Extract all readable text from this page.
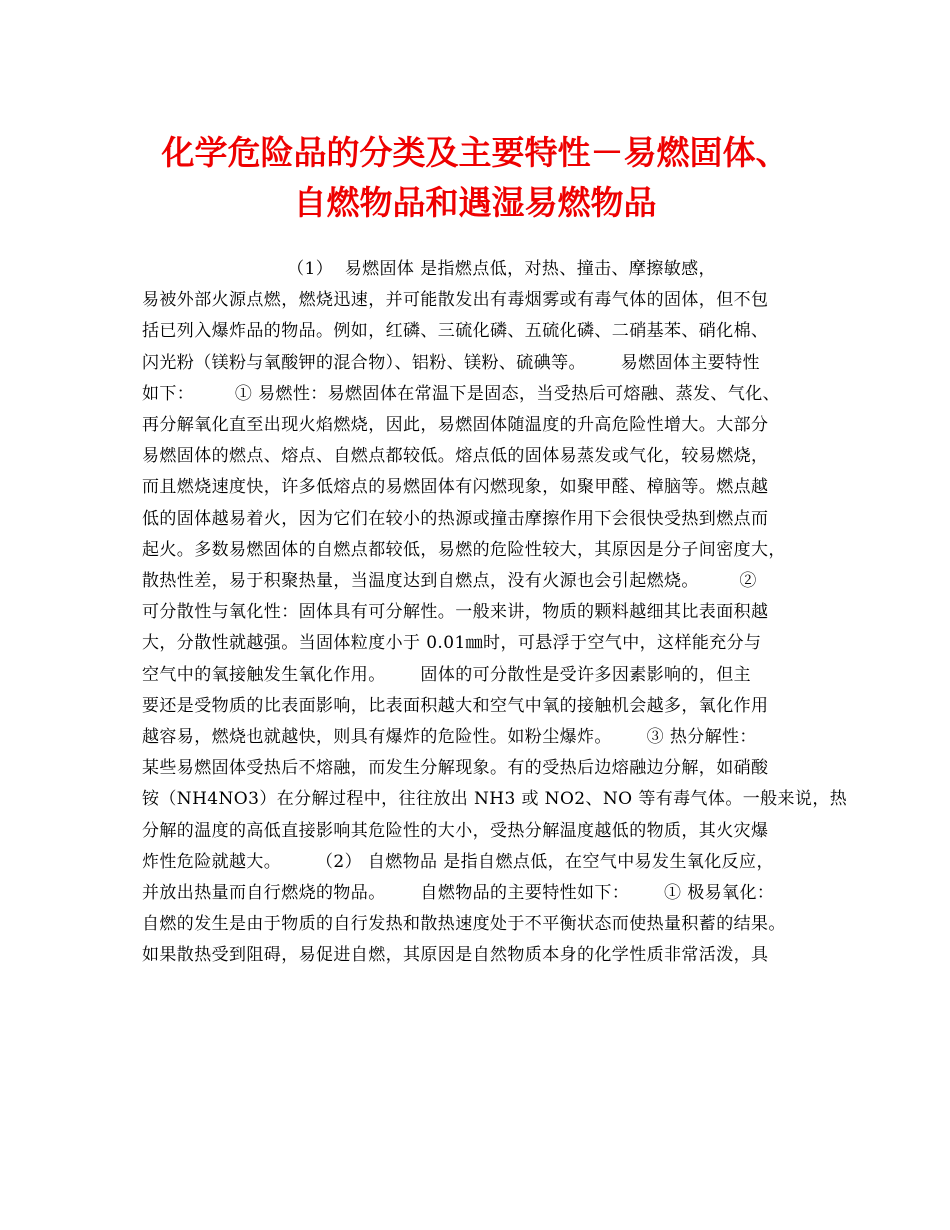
化学危险品的分类及主要特性－易燃固体、
自燃物品和遇湿易燃物品
（1）  易燃固体 是指燃点低，对热、撞击、摩擦敏感，
易被外部火源点燃，燃烧迅速，并可能散发出有毒烟雾或有毒气体的固体，但不包
括已列入爆炸品的物品。例如，红磷、三硫化磷、五硫化磷、二硝基苯、硝化棉、
闪光粉（镁粉与氧酸钾的混合物）、铝粉、镁粉、硫碘等。      易燃固体主要特性
如下：       ① 易燃性：易燃固体在常温下是固态，当受热后可熔融、蒸发、气化、
再分解氧化直至出现火焰燃烧，因此，易燃固体随温度的升高危险性增大。大部分
易燃固体的燃点、熔点、自燃点都较低。熔点低的固体易蒸发或气化，较易燃烧，
而且燃烧速度快，许多低熔点的易燃固体有闪燃现象，如聚甲醛、樟脑等。燃点越
低的固体越易着火，因为它们在较小的热源或撞击摩擦作用下会很快受热到燃点而
起火。多数易燃固体的自燃点都较低，易燃的危险性较大，其原因是分子间密度大，
散热性差，易于积聚热量，当温度达到自燃点，没有火源也会引起燃烧。       ②
可分散性与氧化性：固体具有可分解性。一般来讲，物质的颗料越细其比表面积越
大，分散性就越强。当固体粒度小于 0.01㎜时，可悬浮于空气中，这样能充分与
空气中的氧接触发生氧化作用。      固体的可分散性是受许多因素影响的，但主
要还是受物质的比表面影响，比表面积越大和空气中氧的接触机会越多，氧化作用
越容易，燃烧也就越快，则具有爆炸的危险性。如粉尘爆炸。      ③ 热分解性：
某些易燃固体受热后不熔融，而发生分解现象。有的受热后边熔融边分解，如硝酸
铵（NH4NO3）在分解过程中，往往放出 NH3 或 NO2、NO 等有毒气体。一般来说，热
分解的温度的高低直接影响其危险性的大小，受热分解温度越低的物质，其火灾爆
炸性危险就越大。      （2） 自燃物品 是指自燃点低，在空气中易发生氧化反应，
并放出热量而自行燃烧的物品。      自燃物品的主要特性如下：      ① 极易氧化：
自燃的发生是由于物质的自行发热和散热速度处于不平衡状态而使热量积蓄的结果。
如果散热受到阻碍，易促进自燃，其原因是自然物质本身的化学性质非常活泼，具
